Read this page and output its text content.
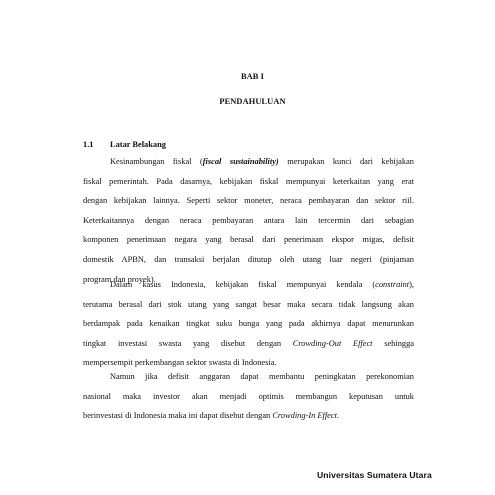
BAB I
PENDAHULUAN
1.1 Latar Belakang
Kesinambungan fiskal (fiscal sustainability) merupakan kunci dari kebijakan
fiskal pemerintah. Pada dasarnya, kebijakan fiskal mempunyai keterkaitan yang erat
dengan kebijakan lainnya. Seperti sektor moneter, neraca pembayaran dan sektor riil.
Keterkaitannya dengan neraca pembayaran antara lain tercermin dari sebagian
komponen penerimaan negara yang berasal dari penerimaan ekspor migas, defisit
domestik APBN, dan transaksi berjalan ditutup oleh utang luar negeri (pinjaman
program dan proyek).
Dalam kasus Indonesia, kebijakan fiskal mempunyai kendala (constraint),
terutama berasal dari stok utang yang sangat besar maka secara tidak langsung akan
berdampak pada kenaikan tingkat suku bunga yang pada akhirnya dapat menurunkan
tingkat investasi swasta yang disebut dengan Crowding-Out Effect sehingga
mempersempit perkembangan sektor swasta di Indonesia.
Namun jika defisit anggaran dapat membantu peningkatan perekonomian
nasional maka investor akan menjadi optimis membangun keputusan untuk
berinvestasi di Indonesia maka ini dapat disebut dengan Crowding-In Effect.
Universitas Sumatera Utara
